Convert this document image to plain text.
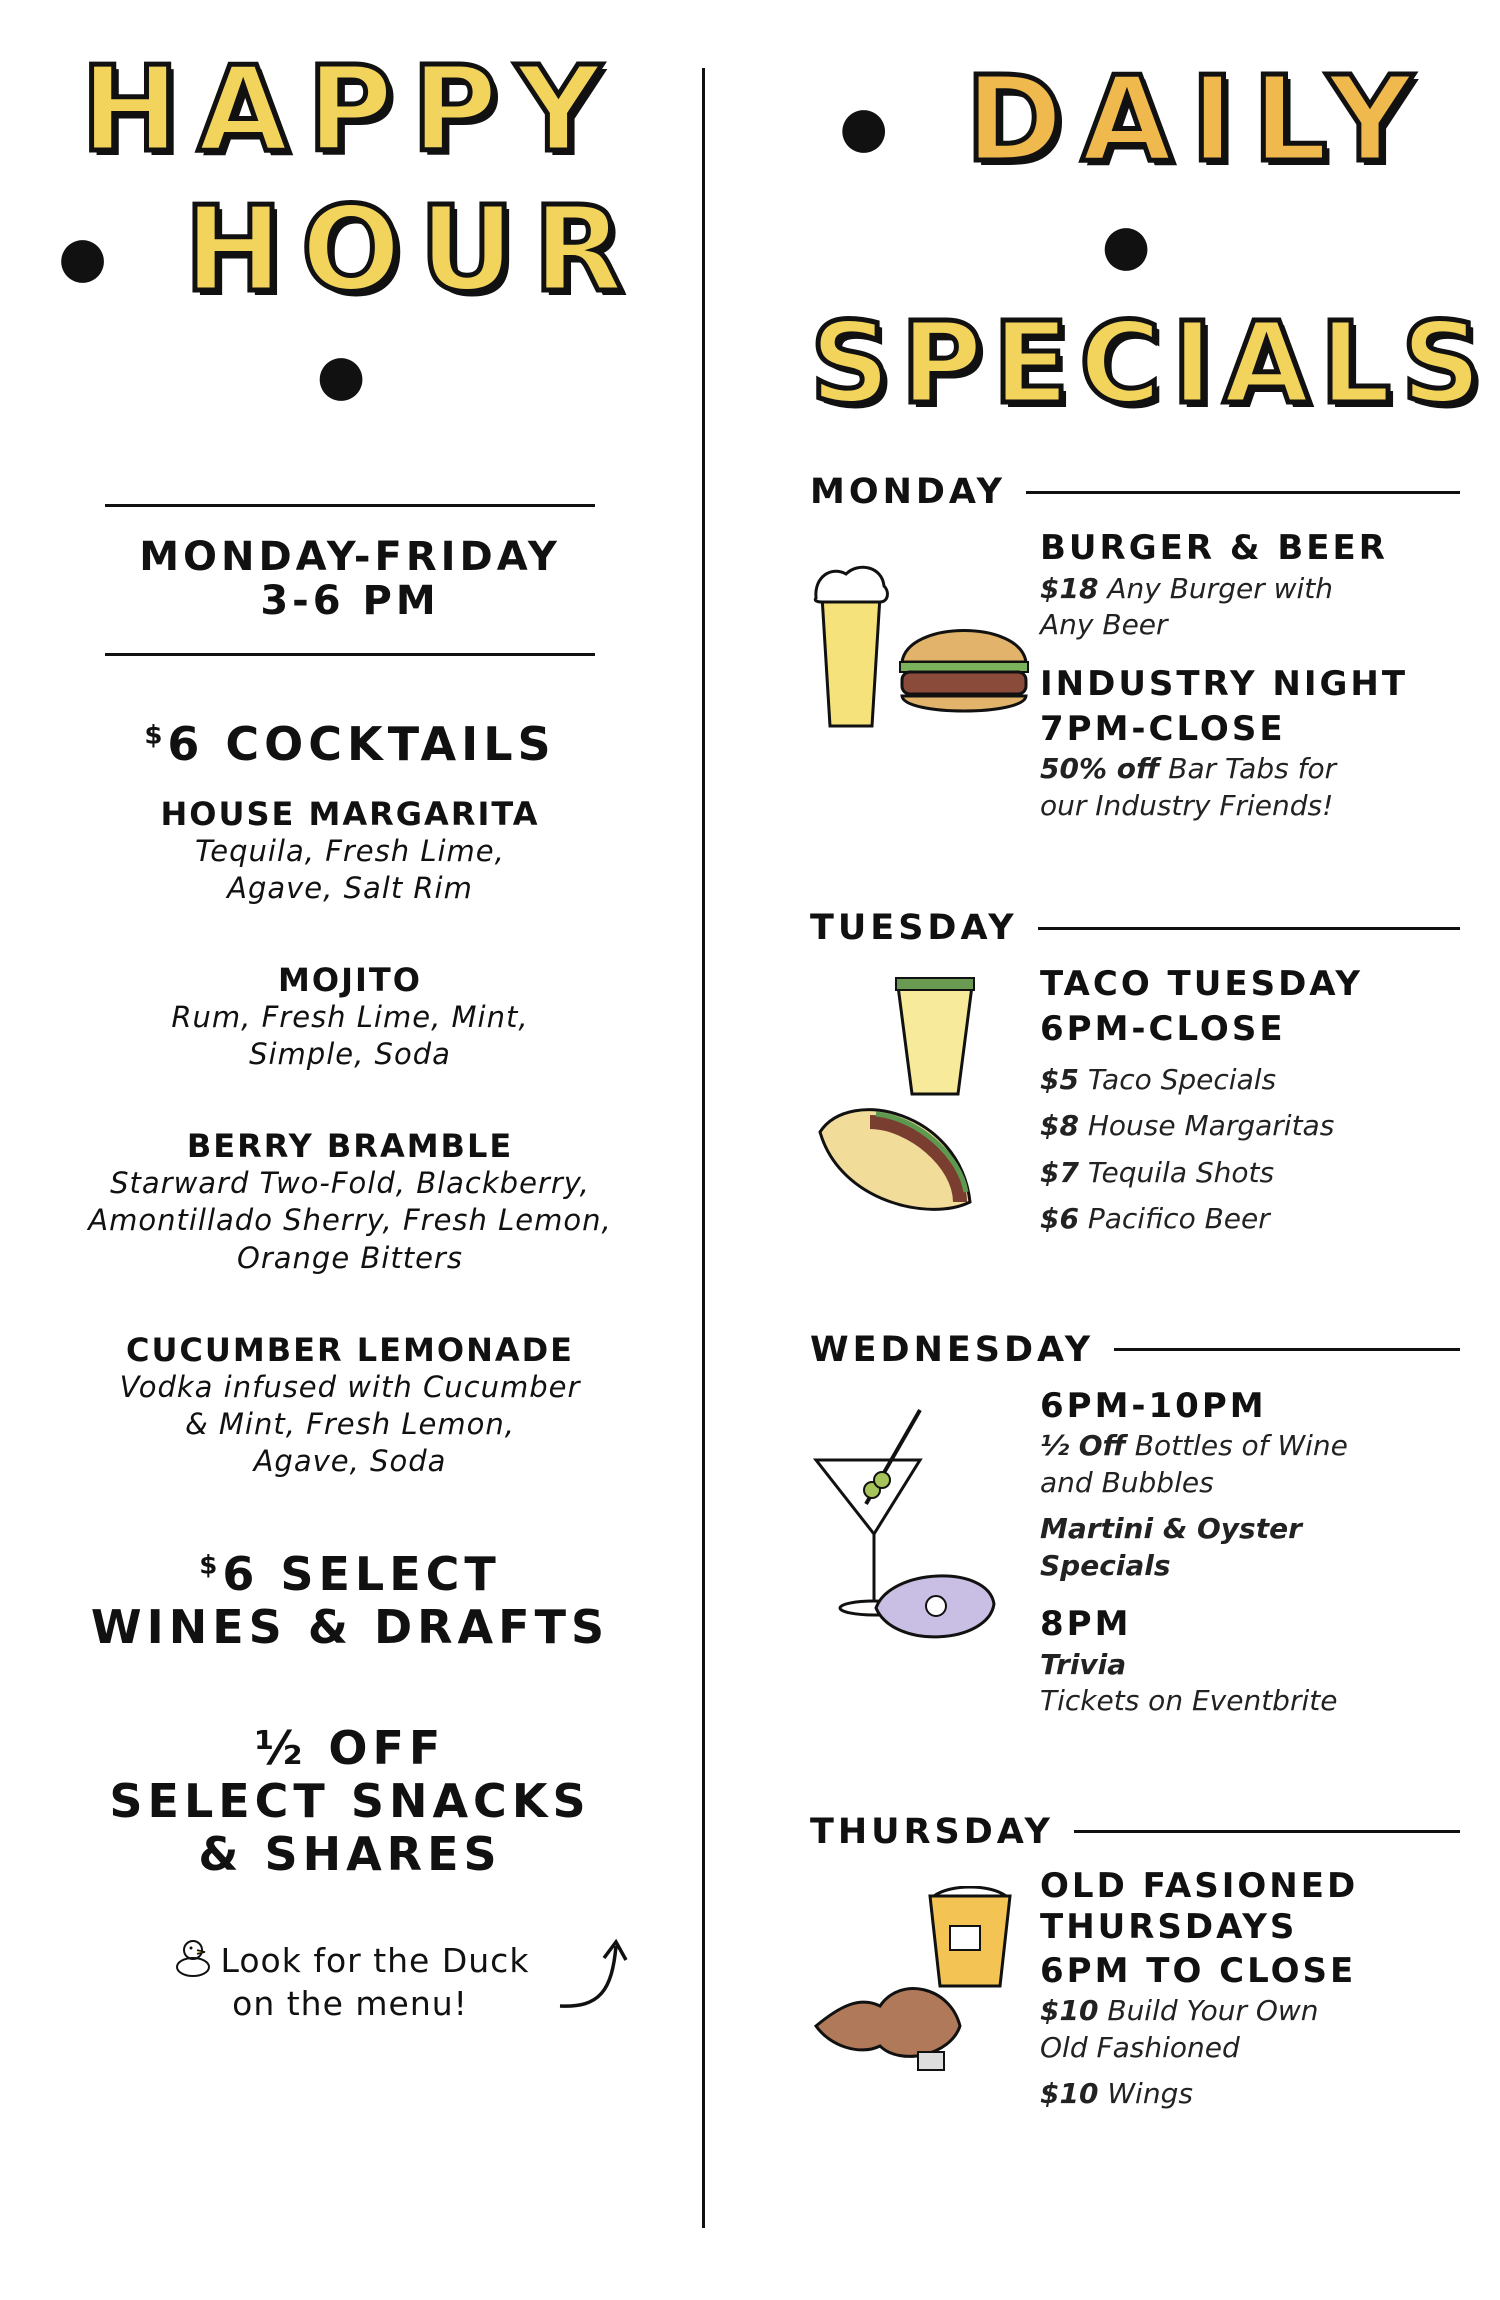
HAPPY
● HOUR ●
MONDAY-FRIDAY
3-6 PM
$6 COCKTAILS
HOUSE MARGARITA
Tequila, Fresh Lime,
Agave, Salt Rim
MOJITO
Rum, Fresh Lime, Mint,
Simple, Soda
BERRY BRAMBLE
Starward Two-Fold, Blackberry,
Amontillado Sherry, Fresh Lemon,
Orange Bitters
CUCUMBER LEMONADE
Vodka infused with Cucumber
& Mint, Fresh Lemon,
Agave, Soda
$6 SELECT
WINES & DRAFTS
½ OFF
SELECT SNACKS
& SHARES
Look for the Duck
on the menu!
● DAILY ●
SPECIALS
MONDAY
BURGER & BEER
$18 Any Burger with
Any Beer
INDUSTRY NIGHT
7PM-CLOSE
50% off Bar Tabs for
our Industry Friends!
TUESDAY
TACO TUESDAY
6PM-CLOSE
$5 Taco Specials
$8 House Margaritas
$7 Tequila Shots
$6 Pacifico Beer
WEDNESDAY
6PM-10PM
½ Off Bottles of Wine
and Bubbles
Martini & Oyster
Specials
8PM
Trivia
Tickets on Eventbrite
THURSDAY
OLD FASIONED
THURSDAYS
6PM TO CLOSE
$10 Build Your Own
Old Fashioned
$10 Wings
